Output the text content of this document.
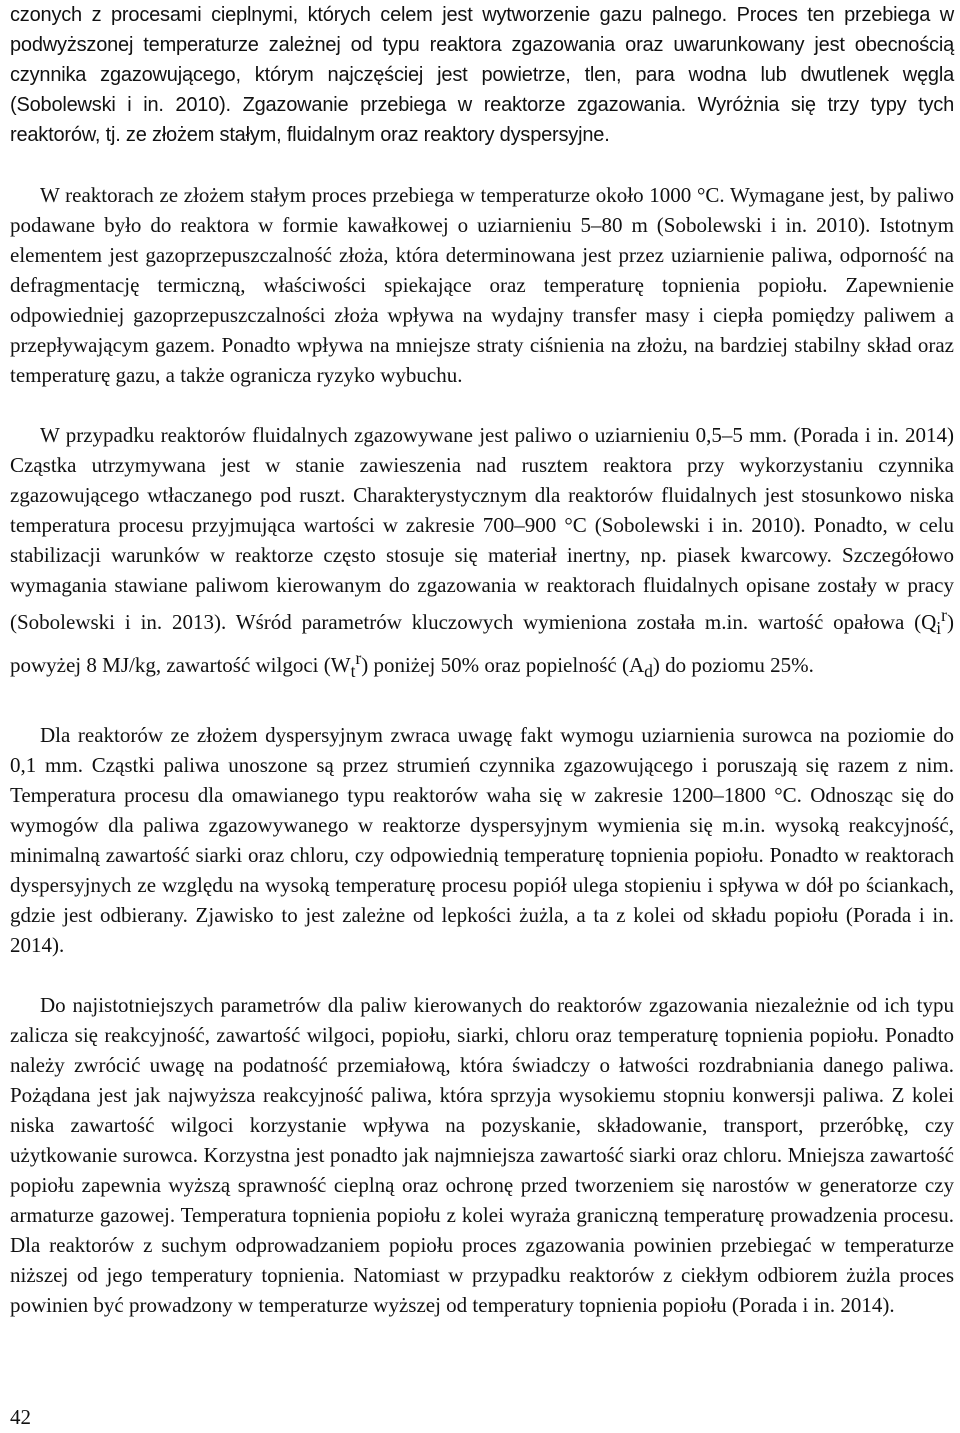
czonych z procesami cieplnymi, których celem jest wytworzenie gazu palnego. Proces ten przebiega w podwyższonej temperaturze zależnej od typu reaktora zgazowania oraz uwarunkowany jest obecnością czynnika zgazowującego, którym najczęściej jest powietrze, tlen, para wodna lub dwutlenek węgla (Sobolewski i in. 2010). Zgazowanie przebiega w reaktorze zgazowania. Wyróżnia się trzy typy tych reaktorów, tj. ze złożem stałym, fluidalnym oraz reaktory dyspersyjne.

W reaktorach ze złożem stałym proces przebiega w temperaturze około 1000 °C. Wymagane jest, by paliwo podawane było do reaktora w formie kawałkowej o uziarnieniu 5–80 m (Sobolewski i in. 2010). Istotnym elementem jest gazoprzepuszczalność złoża, która determinowana jest przez uziarnienie paliwa, odporność na defragmentację termiczną, właściwości spiekające oraz temperaturę topnienia popiołu. Zapewnienie odpowiedniej gazoprzepuszczalności złoża wpływa na wydajny transfer masy i ciepła pomiędzy paliwem a przepływającym gazem. Ponadto wpływa na mniejsze straty ciśnienia na złożu, na bardziej stabilny skład oraz temperaturę gazu, a także ogranicza ryzyko wybuchu.

W przypadku reaktorów fluidalnych zgazowywane jest paliwo o uziarnieniu 0,5–5 mm. (Porada i in. 2014) Cząstka utrzymywana jest w stanie zawieszenia nad rusztem reaktora przy wykorzystaniu czynnika zgazowującego wtłaczanego pod ruszt. Charakterystycznym dla reaktorów fluidalnych jest stosunkowo niska temperatura procesu przyjmująca wartości w zakresie 700–900 °C (Sobolewski i in. 2010). Ponadto, w celu stabilizacji warunków w reaktorze często stosuje się materiał inertny, np. piasek kwarcowy. Szczegółowo wymagania stawiane paliwom kierowanym do zgazowania w reaktorach fluidalnych opisane zostały w pracy (Sobolewski i in. 2013). Wśród parametrów kluczowych wymieniona została m.in. wartość opałowa $(Q_i^r)$ powyżej 8 MJ/kg, zawartość wilgoci $(W_t^r)$ poniżej 50% oraz popielność $(A_d)$ do poziomu 25%.

Dla reaktorów ze złożem dyspersyjnym zwraca uwagę fakt wymogu uziarnienia surowca na poziomie do 0,1 mm. Cząstki paliwa unoszone są przez strumień czynnika zgazowującego i poruszają się razem z nim. Temperatura procesu dla omawianego typu reaktorów waha się w zakresie 1200–1800 °C. Odnosząc się do wymogów dla paliwa zgazowywanego w reaktorze dyspersyjnym wymienia się m.in. wysoką reakcyjność, minimalną zawartość siarki oraz chloru, czy odpowiednią temperaturę topnienia popiołu. Ponadto w reaktorach dyspersyjnych ze względu na wysoką temperaturę procesu popiół ulega stopieniu i spływa w dół po ściankach, gdzie jest odbierany. Zjawisko to jest zależne od lepkości żużla, a ta z kolei od składu popiołu (Porada i in. 2014).

Do najistotniejszych parametrów dla paliw kierowanych do reaktorów zgazowania niezależnie od ich typu zalicza się reakcyjność, zawartość wilgoci, popiołu, siarki, chloru oraz temperaturę topnienia popiołu. Ponadto należy zwrócić uwagę na podatność przemiałową, która świadczy o łatwości rozdrabniania danego paliwa. Pożądana jest jak najwyższa reakcyjność paliwa, która sprzyja wysokiemu stopniu konwersji paliwa. Z kolei niska zawartość wilgoci korzystanie wpływa na pozyskanie, składowanie, transport, przeróbkę, czy użytkowanie surowca. Korzystna jest ponadto jak najmniejsza zawartość siarki oraz chloru. Mniejsza zawartość popiołu zapewnia wyższą sprawność cieplną oraz ochronę przed tworzeniem się narostów w generatorze czy armaturze gazowej. Temperatura topnienia popiołu z kolei wyraża graniczną temperaturę prowadzenia procesu. Dla reaktorów z suchym odprowadzaniem popiołu proces zgazowania powinien przebiegać w temperaturze niższej od jego temperatury topnienia. Natomiast w przypadku reaktorów z ciekłym odbiorem żużla proces powinien być prowadzony w temperaturze wyższej od temperatury topnienia popiołu (Porada i in. 2014).

42
